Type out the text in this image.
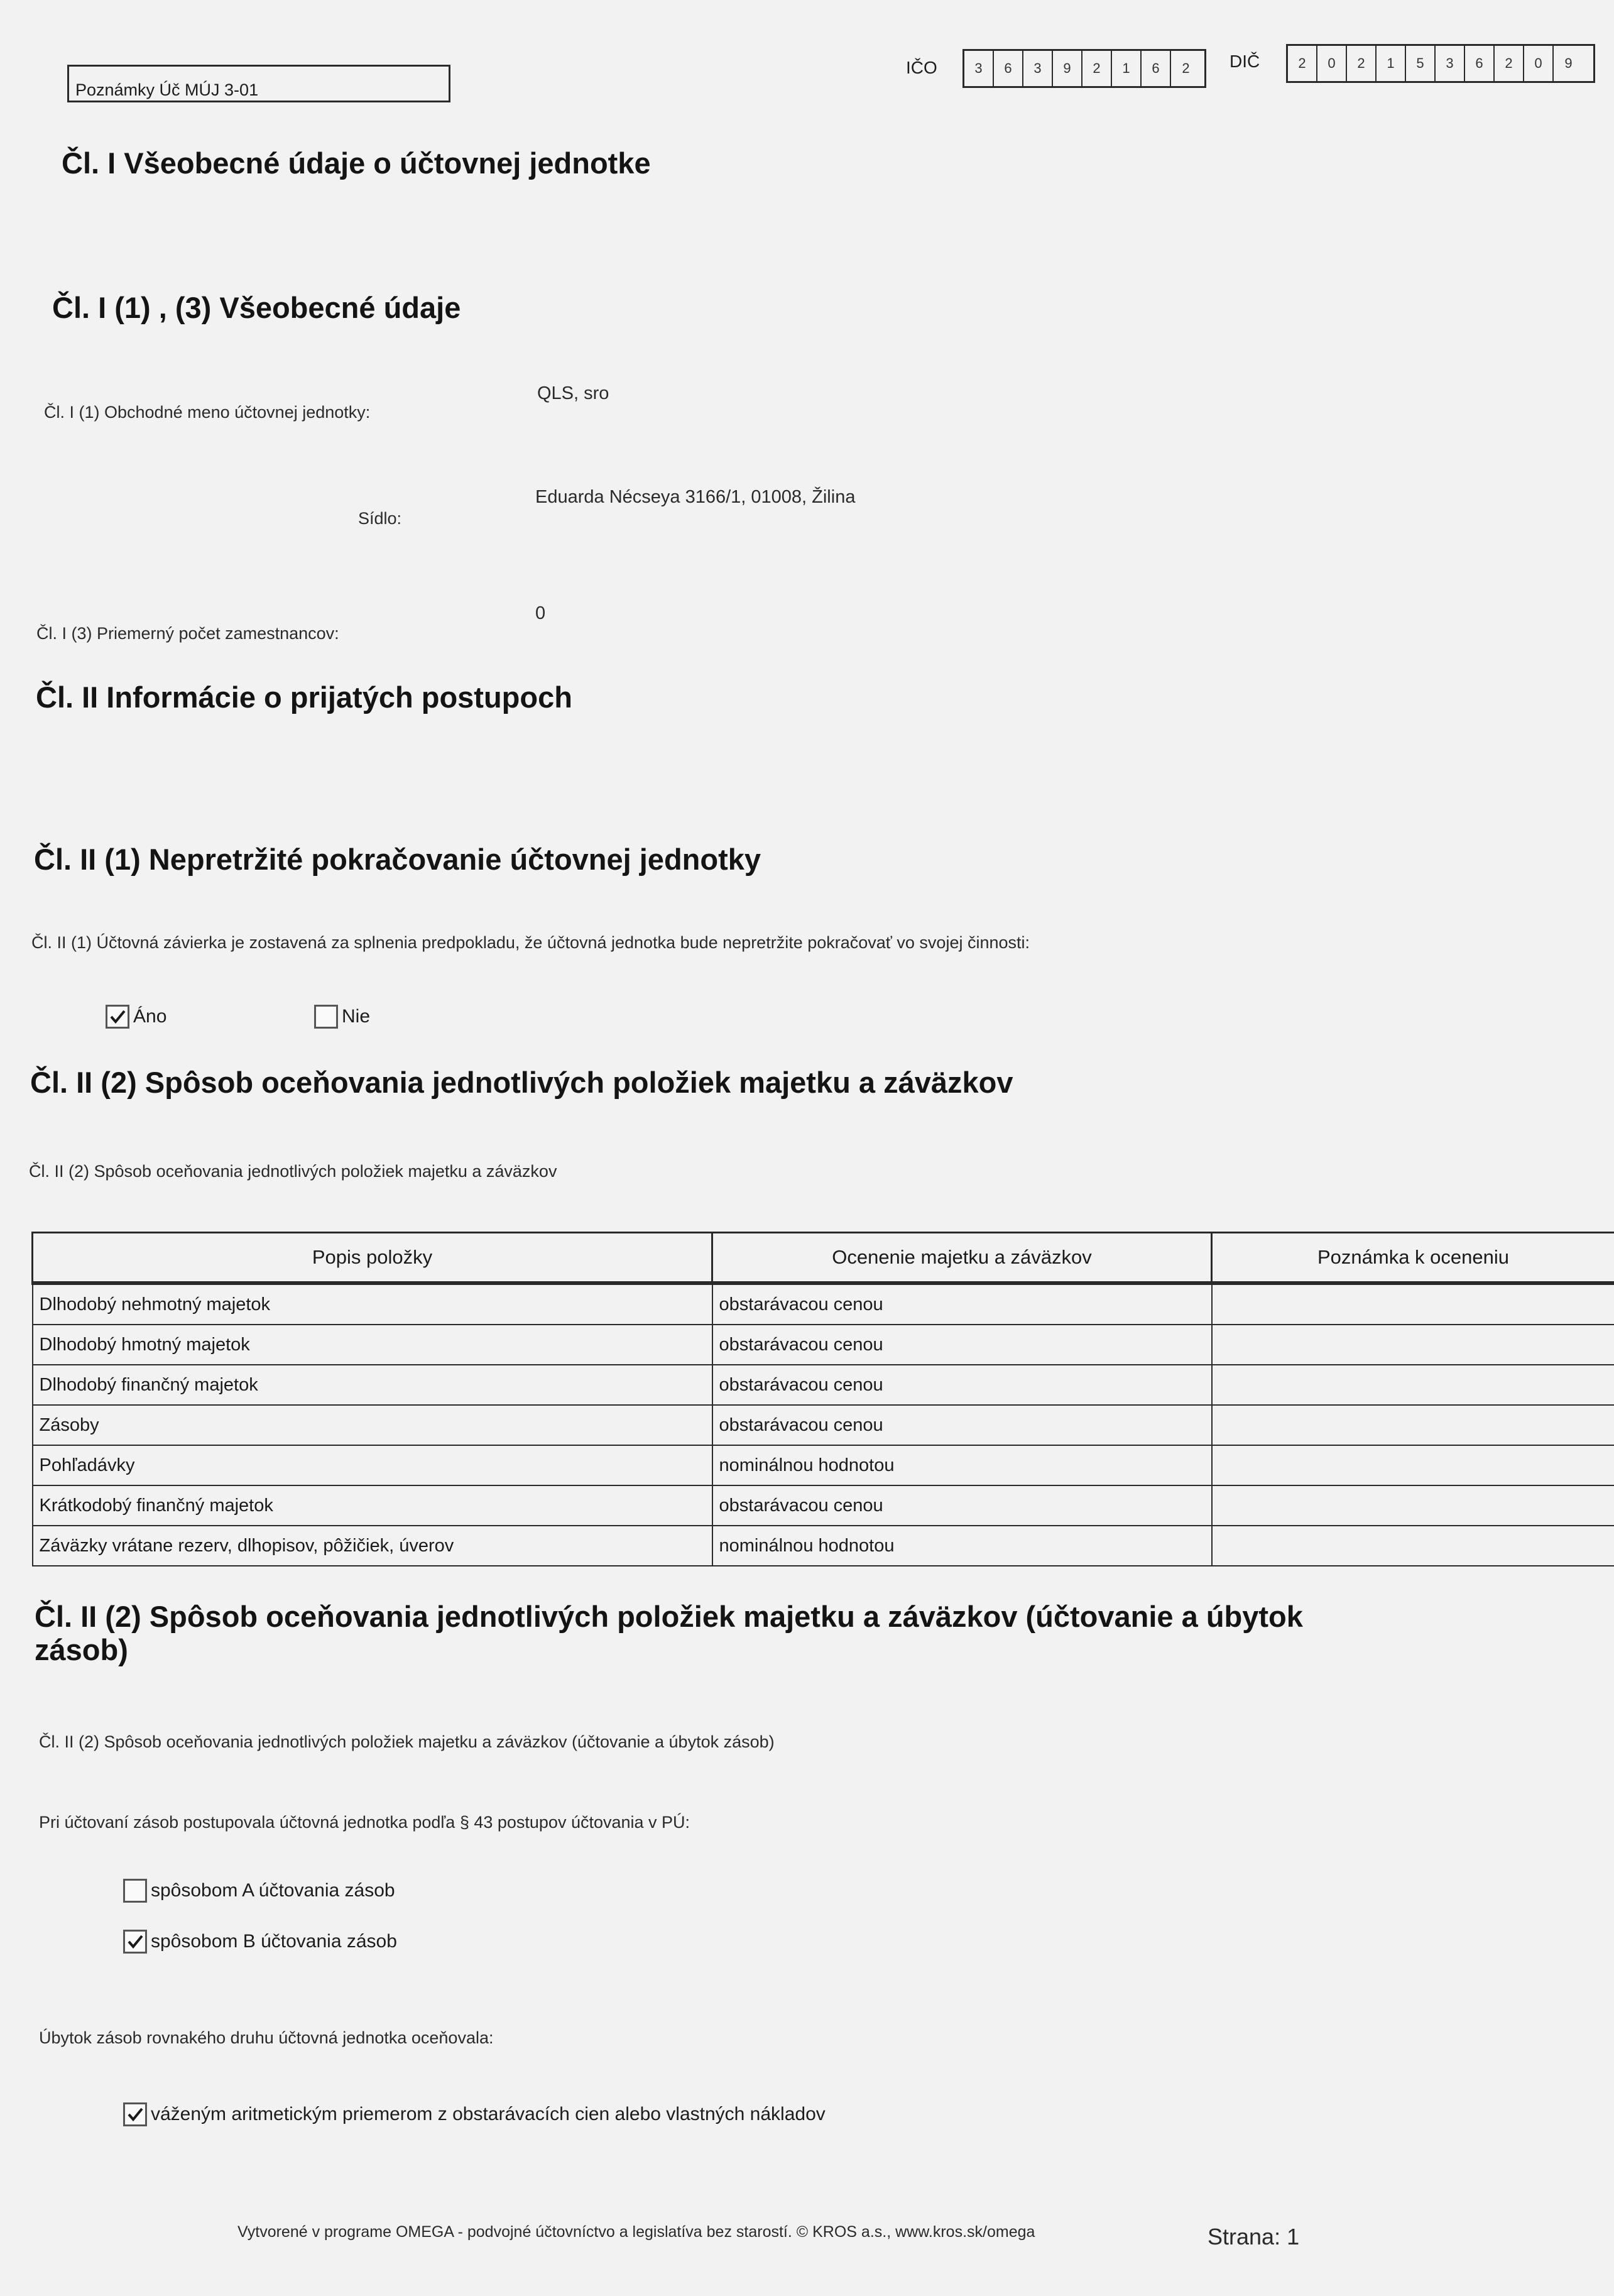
Poznámky Úč MÚJ 3-01
IČO	3	6	3	9	2	1	6	2	DIČ	2	0	2	1	5	3	6	2	0	9
Čl. I Všeobecné údaje o účtovnej jednotke
Čl. I (1) , (3) Všeobecné údaje
Čl. I (1) Obchodné meno účtovnej jednotky:
QLS, sro
Sídlo:
Eduarda Nécseya 3166/1, 01008, Žilina
Čl. I (3) Priemerný počet zamestnancov:
0
Čl. II Informácie o prijatých postupoch
Čl. II (1) Nepretržité pokračovanie účtovnej jednotky
Čl. II (1) Účtovná závierka je zostavená za splnenia predpokladu, že účtovná jednotka bude nepretržite pokračovať vo svojej činnosti:
Áno	Nie
Čl. II (2) Spôsob oceňovania jednotlivých položiek majetku a záväzkov
Čl. II (2) Spôsob oceňovania jednotlivých položiek majetku a záväzkov
Popis položky	Ocenenie majetku a záväzkov	Poznámka k oceneniu
Dlhodobý nehmotný majetok	obstarávacou cenou	
Dlhodobý hmotný majetok	obstarávacou cenou	
Dlhodobý finančný majetok	obstarávacou cenou	
Zásoby	obstarávacou cenou	
Pohľadávky	nominálnou hodnotou	
Krátkodobý finančný majetok	obstarávacou cenou	
Záväzky vrátane rezerv, dlhopisov, pôžičiek, úverov	nominálnou hodnotou	
Čl. II (2) Spôsob oceňovania jednotlivých položiek majetku a záväzkov (účtovanie a úbytok
zásob)
Čl. II (2) Spôsob oceňovania jednotlivých položiek majetku a záväzkov (účtovanie a úbytok zásob)
Pri účtovaní zásob postupovala účtovná jednotka podľa § 43 postupov účtovania v PÚ:
spôsobom A účtovania zásob
spôsobom B účtovania zásob
Úbytok zásob rovnakého druhu účtovná jednotka oceňovala:
váženým aritmetickým priemerom z obstarávacích cien alebo vlastných nákladov
Vytvorené v programe OMEGA - podvojné účtovníctvo a legislatíva bez starostí. © KROS a.s., www.kros.sk/omega	Strana: 1
